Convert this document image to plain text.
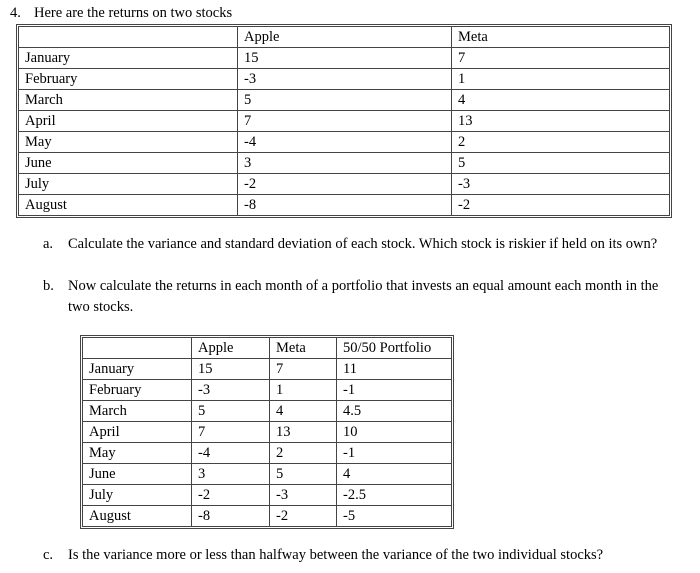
4. Here are the returns on two stocks
	Apple	Meta
January	15	7
February	-3	1
March	5	4
April	7	13
May	-4	2
June	3	5
July	-2	-3
August	-8	-2
a. Calculate the variance and standard deviation of each stock. Which stock is riskier if held on its own?
b. Now calculate the returns in each month of a portfolio that invests an equal amount each month in the two stocks.
	Apple	Meta	50/50 Portfolio
January	15	7	11
February	-3	1	-1
March	5	4	4.5
April	7	13	10
May	-4	2	-1
June	3	5	4
July	-2	-3	-2.5
August	-8	-2	-5
c. Is the variance more or less than halfway between the variance of the two individual stocks?
